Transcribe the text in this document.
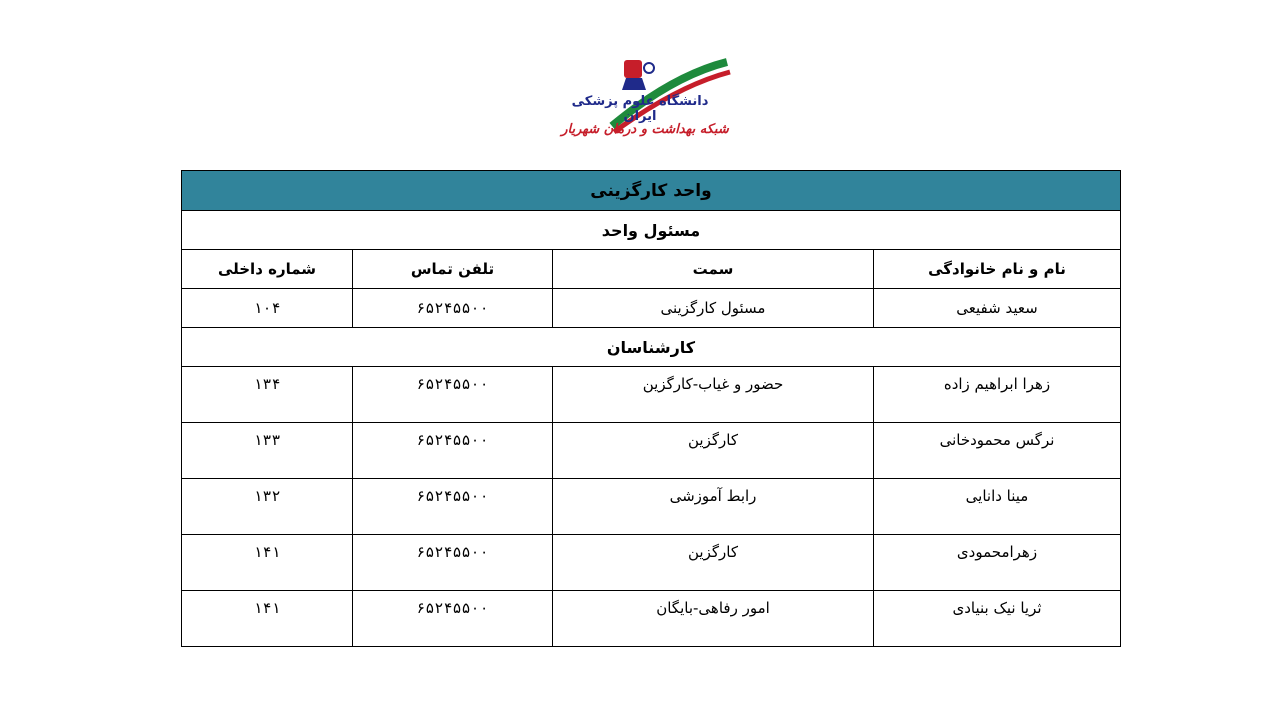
دانشگاه علوم پزشکی ایران
شبکه بهداشت و درمان شهریار
واحد کارگزینی			
مسئول واحد			
نام و نام خانوادگی	سمت	تلفن تماس	شماره داخلی
سعید شفیعی	مسئول کارگزینی	۶۵۲۴۵۵۰۰	۱۰۴
کارشناسان			
زهرا ابراهیم زاده	حضور و غیاب-کارگزین	۶۵۲۴۵۵۰۰	۱۳۴
نرگس محمودخانی	کارگزین	۶۵۲۴۵۵۰۰	۱۳۳
مینا دانایی	رابط آموزشی	۶۵۲۴۵۵۰۰	۱۳۲
زهرامحمودی	کارگزین	۶۵۲۴۵۵۰۰	۱۴۱
ثریا نیک بنیادی	امور رفاهی-بایگان	۶۵۲۴۵۵۰۰	۱۴۱
